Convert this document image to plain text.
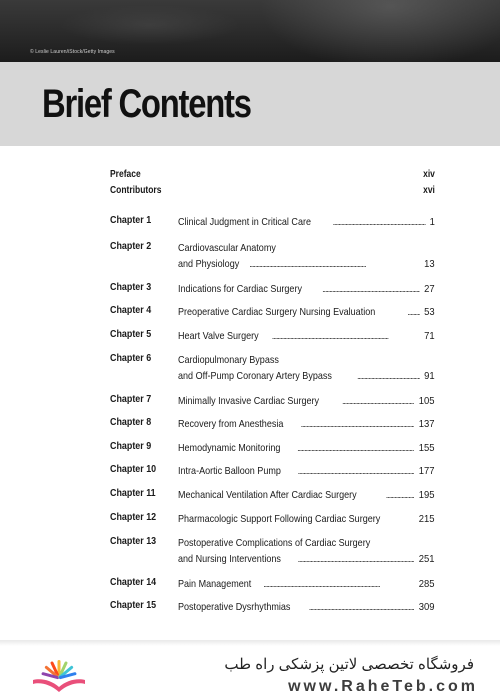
© Leslie Lauren/iStock/Getty Images
Brief Contents
Preface	xiv
Contributors	xvi
Chapter 1	Clinical Judgment in Critical Care . . .	1
Chapter 2	Cardiovascular Anatomy
and Physiology . . .	13
Chapter 3	Indications for Cardiac Surgery . . .	27
Chapter 4	Preoperative Cardiac Surgery Nursing Evaluation . . .	53
Chapter 5	Heart Valve Surgery . . .	71
Chapter 6	Cardiopulmonary Bypass
and Off-Pump Coronary Artery Bypass . . .	91
Chapter 7	Minimally Invasive Cardiac Surgery . . .	105
Chapter 8	Recovery from Anesthesia . . .	137
Chapter 9	Hemodynamic Monitoring . . .	155
Chapter 10 Intra-Aortic Balloon Pump . . .	177
Chapter 11 Mechanical Ventilation After Cardiac Surgery . . .	195
Chapter 12 Pharmacologic Support Following Cardiac Surgery . . .	215
Chapter 13 Postoperative Complications of Cardiac Surgery
and Nursing Interventions . . .	251
Chapter 14 Pain Management . . .	285
Chapter 15 Postoperative Dysrhythmias . . .	309
فروشگاه تخصصی لاتین پزشکی راه طب
www.RaheTeb.com
